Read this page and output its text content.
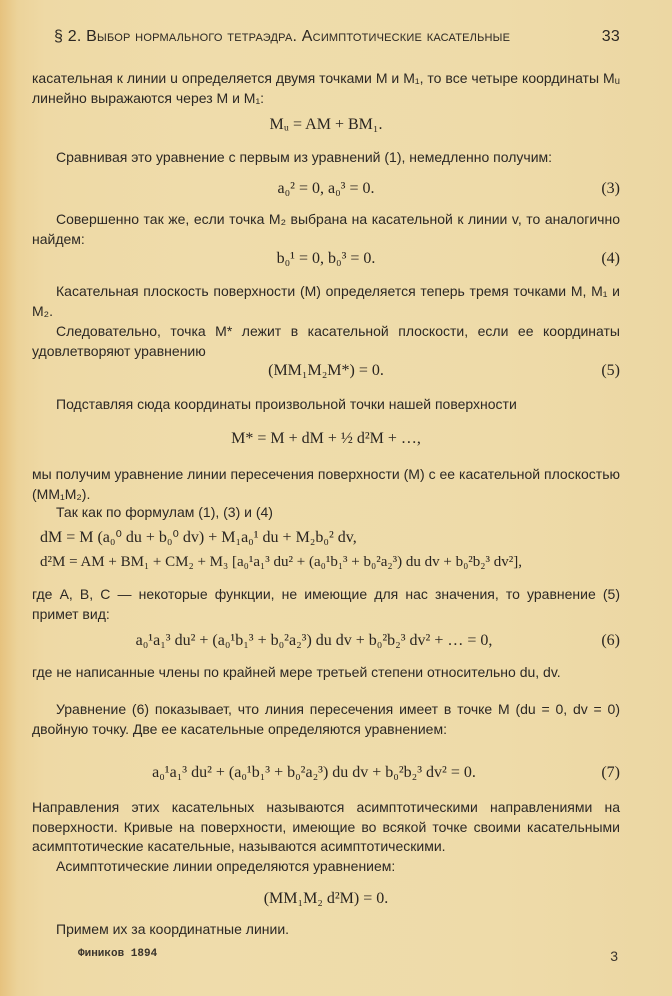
§ 2. Выбор нормального тетраэдра. Асимптотические касательные	33
касательная к линии u определяется двумя точками M и M₁, то все четыре координаты Mᵤ линейно выражаются через M и M₁:
Mᵤ = AM + BM₁.
Сравнивая это уравнение с первым из уравнений (1), немедленно получим:
a₀² = 0, a₀³ = 0.	(3)
Совершенно так же, если точка M₂ выбрана на касательной к линии v, то аналогично найдем:
b₀¹ = 0, b₀³ = 0.	(4)
Касательная плоскость поверхности (M) определяется теперь тремя точками M, M₁ и M₂.
Следовательно, точка M* лежит в касательной плоскости, если ее координаты удовлетворяют уравнению
(MM₁M₂M*) = 0.	(5)
Подставляя сюда координаты произвольной точки нашей поверхности
M* = M + dM + ½ d²M + …,
мы получим уравнение линии пересечения поверхности (M) с ее касательной плоскостью (MM₁M₂).
Так как по формулам (1), (3) и (4)
dM = M (a₀⁰ du + b₀⁰ dv) + M₁a₀¹ du + M₂b₀² dv,
d²M = AM + BM₁ + CM₂ + M₃ [a₀¹a₁³ du² + (a₀¹b₁³ + b₀²a₂³) du dv + b₀²b₂³ dv²],
где A, B, C — некоторые функции, не имеющие для нас значения, то уравнение (5) примет вид:
a₀¹a₁³ du² + (a₀¹b₁³ + b₀²a₂³) du dv + b₀²b₂³ dv² + … = 0,	(6)
где не написанные члены по крайней мере третьей степени относительно du, dv.
Уравнение (6) показывает, что линия пересечения имеет в точке M (du = 0, dv = 0) двойную точку. Две ее касательные определяются уравнением:
a₀¹a₁³ du² + (a₀¹b₁³ + b₀²a₂³) du dv + b₀²b₂³ dv² = 0.	(7)
Направления этих касательных называются асимптотическими направлениями на поверхности. Кривые на поверхности, имеющие во всякой точке своими касательными асимптотические касательные, называются асимптотическими.
Асимптотические линии определяются уравнением:
(MM₁M₂ d²M) = 0.
Примем их за координатные линии.
Фиников 1894	3
